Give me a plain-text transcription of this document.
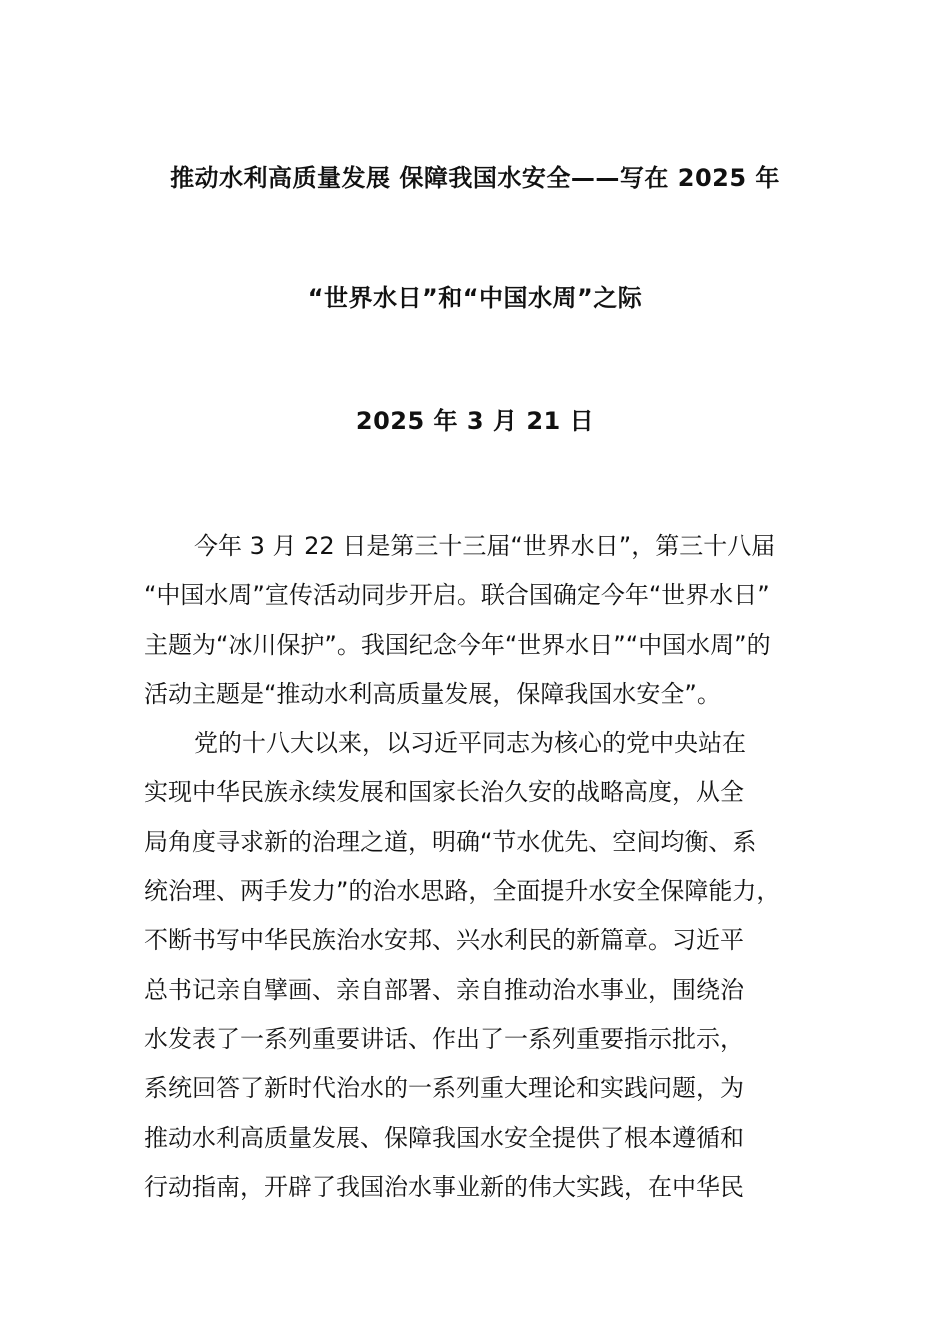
推动水利高质量发展 保障我国水安全——写在 2025 年
“世界水日”和“中国水周”之际
2025 年 3 月 21 日
今年 3 月 22 日是第三十三届“世界水日”，第三十八届
“中国水周”宣传活动同步开启。联合国确定今年“世界水日”
主题为“冰川保护”。我国纪念今年“世界水日”“中国水周”的
活动主题是“推动水利高质量发展，保障我国水安全”。
党的十八大以来，以习近平同志为核心的党中央站在
实现中华民族永续发展和国家长治久安的战略高度，从全
局角度寻求新的治理之道，明确“节水优先、空间均衡、系
统治理、两手发力”的治水思路，全面提升水安全保障能力，
不断书写中华民族治水安邦、兴水利民的新篇章。习近平
总书记亲自擘画、亲自部署、亲自推动治水事业，围绕治
水发表了一系列重要讲话、作出了一系列重要指示批示，
系统回答了新时代治水的一系列重大理论和实践问题，为
推动水利高质量发展、保障我国水安全提供了根本遵循和
行动指南，开辟了我国治水事业新的伟大实践，在中华民
